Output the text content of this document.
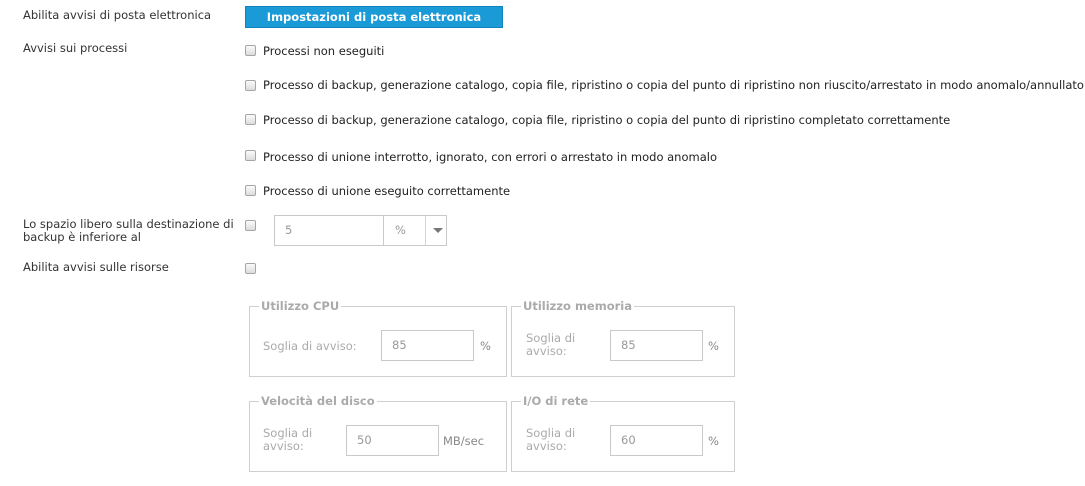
Abilita avvisi di posta elettronica	Impostazioni di posta elettronica
Avvisi sui processi	Processi non eseguiti
Processo di backup, generazione catalogo, copia file, ripristino o copia del punto di ripristino non riuscito/arrestato in modo anomalo/annullato
Processo di backup, generazione catalogo, copia file, ripristino o copia del punto di ripristino completato correttamente
Processo di unione interrotto, ignorato, con errori o arrestato in modo anomalo
Processo di unione eseguito correttamente
Lo spazio libero sulla destinazione di
backup è inferiore al	5	%
Abilita avvisi sulle risorse
Utilizzo CPU
Soglia di avviso:	85	%
Utilizzo memoria
Soglia di
avviso:	85	%
Velocità del disco
Soglia di
avviso:	50	MB/sec
I/O di rete
Soglia di
avviso:	60	%
